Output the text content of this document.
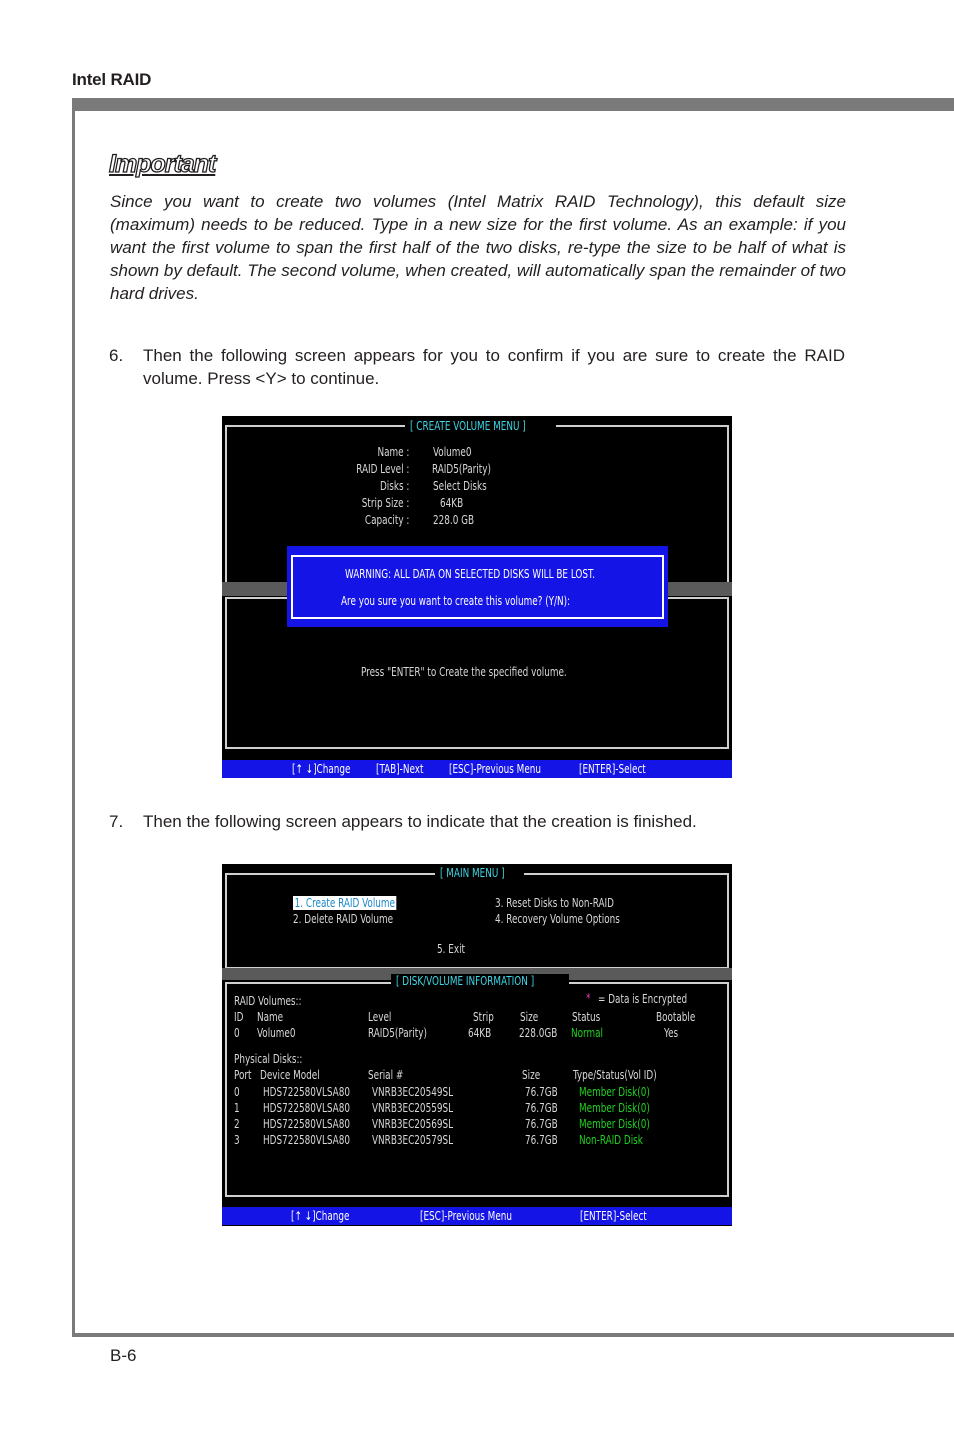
Intel RAID
Important
Since you want to create two volumes (Intel Matrix RAID Technology), this default size (maximum) needs to be reduced. Type in a new size for the first volume. As an example: if you want the first volume to span the first half of the two disks, re-type the size to be half of what is shown by default. The second volume, when created, will automatically span the remainder of two hard drives.
6. Then the following screen appears for you to confirm if you are sure to create the RAID volume. Press <Y> to continue.
[ CREATE VOLUME MENU ]
Name : Volume0
RAID Level : RAID5(Parity)
Disks : Select Disks
Strip Size :	64KB
Capacity : 228.0 GB
Press "ENTER" to Create the specified volume.
WARNING: ALL DATA ON SELECTED DISKS WILL BE LOST.
Are you sure you want to create this volume? (Y/N):
[↑ ↓]Change [TAB]-Next [ESC]-Previous Menu	[ENTER]-Select
7. Then the following screen appears to indicate that the creation is finished.
[ MAIN MENU ]
1. Create RAID Volume
2. Delete RAID Volume
3. Reset Disks to Non-RAID
4. Recovery Volume Options
5. Exit
[ DISK/VOLUME INFORMATION ]
* = Data is Encrypted
RAID Volumes::
ID Name	Level	Strip Size	Status	Bootable
0 Volume0	RAID5(Parity)	64KB 228.0GB Normal	Yes
Physical Disks::
Port Device Model	Serial #	Size	Type/Status(Vol ID)
0 HDS722580VLSA80 VNRB3EC20549SL	76.7GB Member Disk(0)
1 HDS722580VLSA80 VNRB3EC20559SL	76.7GB Member Disk(0)
2 HDS722580VLSA80 VNRB3EC20569SL	76.7GB Member Disk(0)
3 HDS722580VLSA80 VNRB3EC20579SL	76.7GB Non-RAID Disk
[↑ ↓]Change	[ESC]-Previous Menu	[ENTER]-Select
B-6
